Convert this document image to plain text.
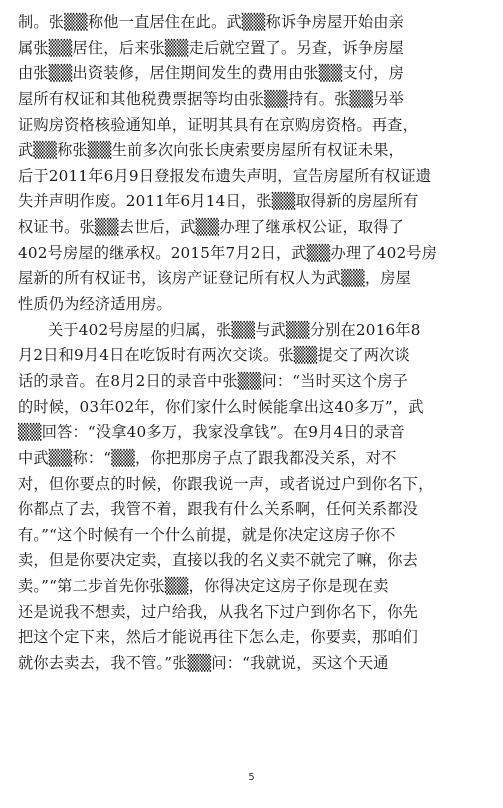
制。张▒▒称他一直居住在此。武▒▒称诉争房屋开始由亲
属张▒▒居住，后来张▒▒走后就空置了。另查，诉争房屋
由张▒▒出资装修，居住期间发生的费用由张▒▒支付，房
屋所有权证和其他税费票据等均由张▒▒持有。张▒▒另举
证购房资格核验通知单，证明其具有在京购房资格。再查，
武▒▒称张▒▒生前多次向张长庚索要房屋所有权证未果，
后于2011年6月9日登报发布遗失声明，宣告房屋所有权证遗
失并声明作废。2011年6月14日，张▒▒取得新的房屋所有
权证书。张▒▒去世后，武▒▒办理了继承权公证，取得了
402号房屋的继承权。2015年7月2日，武▒▒办理了402号房
屋新的所有权证书，该房产证登记所有权人为武▒▒，房屋
性质仍为经济适用房。
关于402号房屋的归属，张▒▒与武▒▒分别在2016年8
月2日和9月4日在吃饭时有两次交谈。张▒▒提交了两次谈
话的录音。在8月2日的录音中张▒▒问：“当时买这个房子
的时候，03年02年，你们家什么时候能拿出这40多万”，武
▒▒回答：“没拿40多万，我家没拿钱”。在9月4日的录音
中武▒▒称：“▒▒，你把那房子点了跟我都没关系，对不
对，但你要点的时候，你跟我说一声，或者说过户到你名下，
你都点了去，我管不着，跟我有什么关系啊，任何关系都没
有。”“这个时候有一个什么前提，就是你决定这房子你不
卖，但是你要决定卖，直接以我的名义卖不就完了嘛，你去
卖。”“第二步首先你张▒▒，你得决定这房子你是现在卖
还是说我不想卖，过户给我，从我名下过户到你名下，你先
把这个定下来，然后才能说再往下怎么走，你要卖，那咱们
就你去卖去，我不管。”张▒▒问：“我就说，买这个天通
5
